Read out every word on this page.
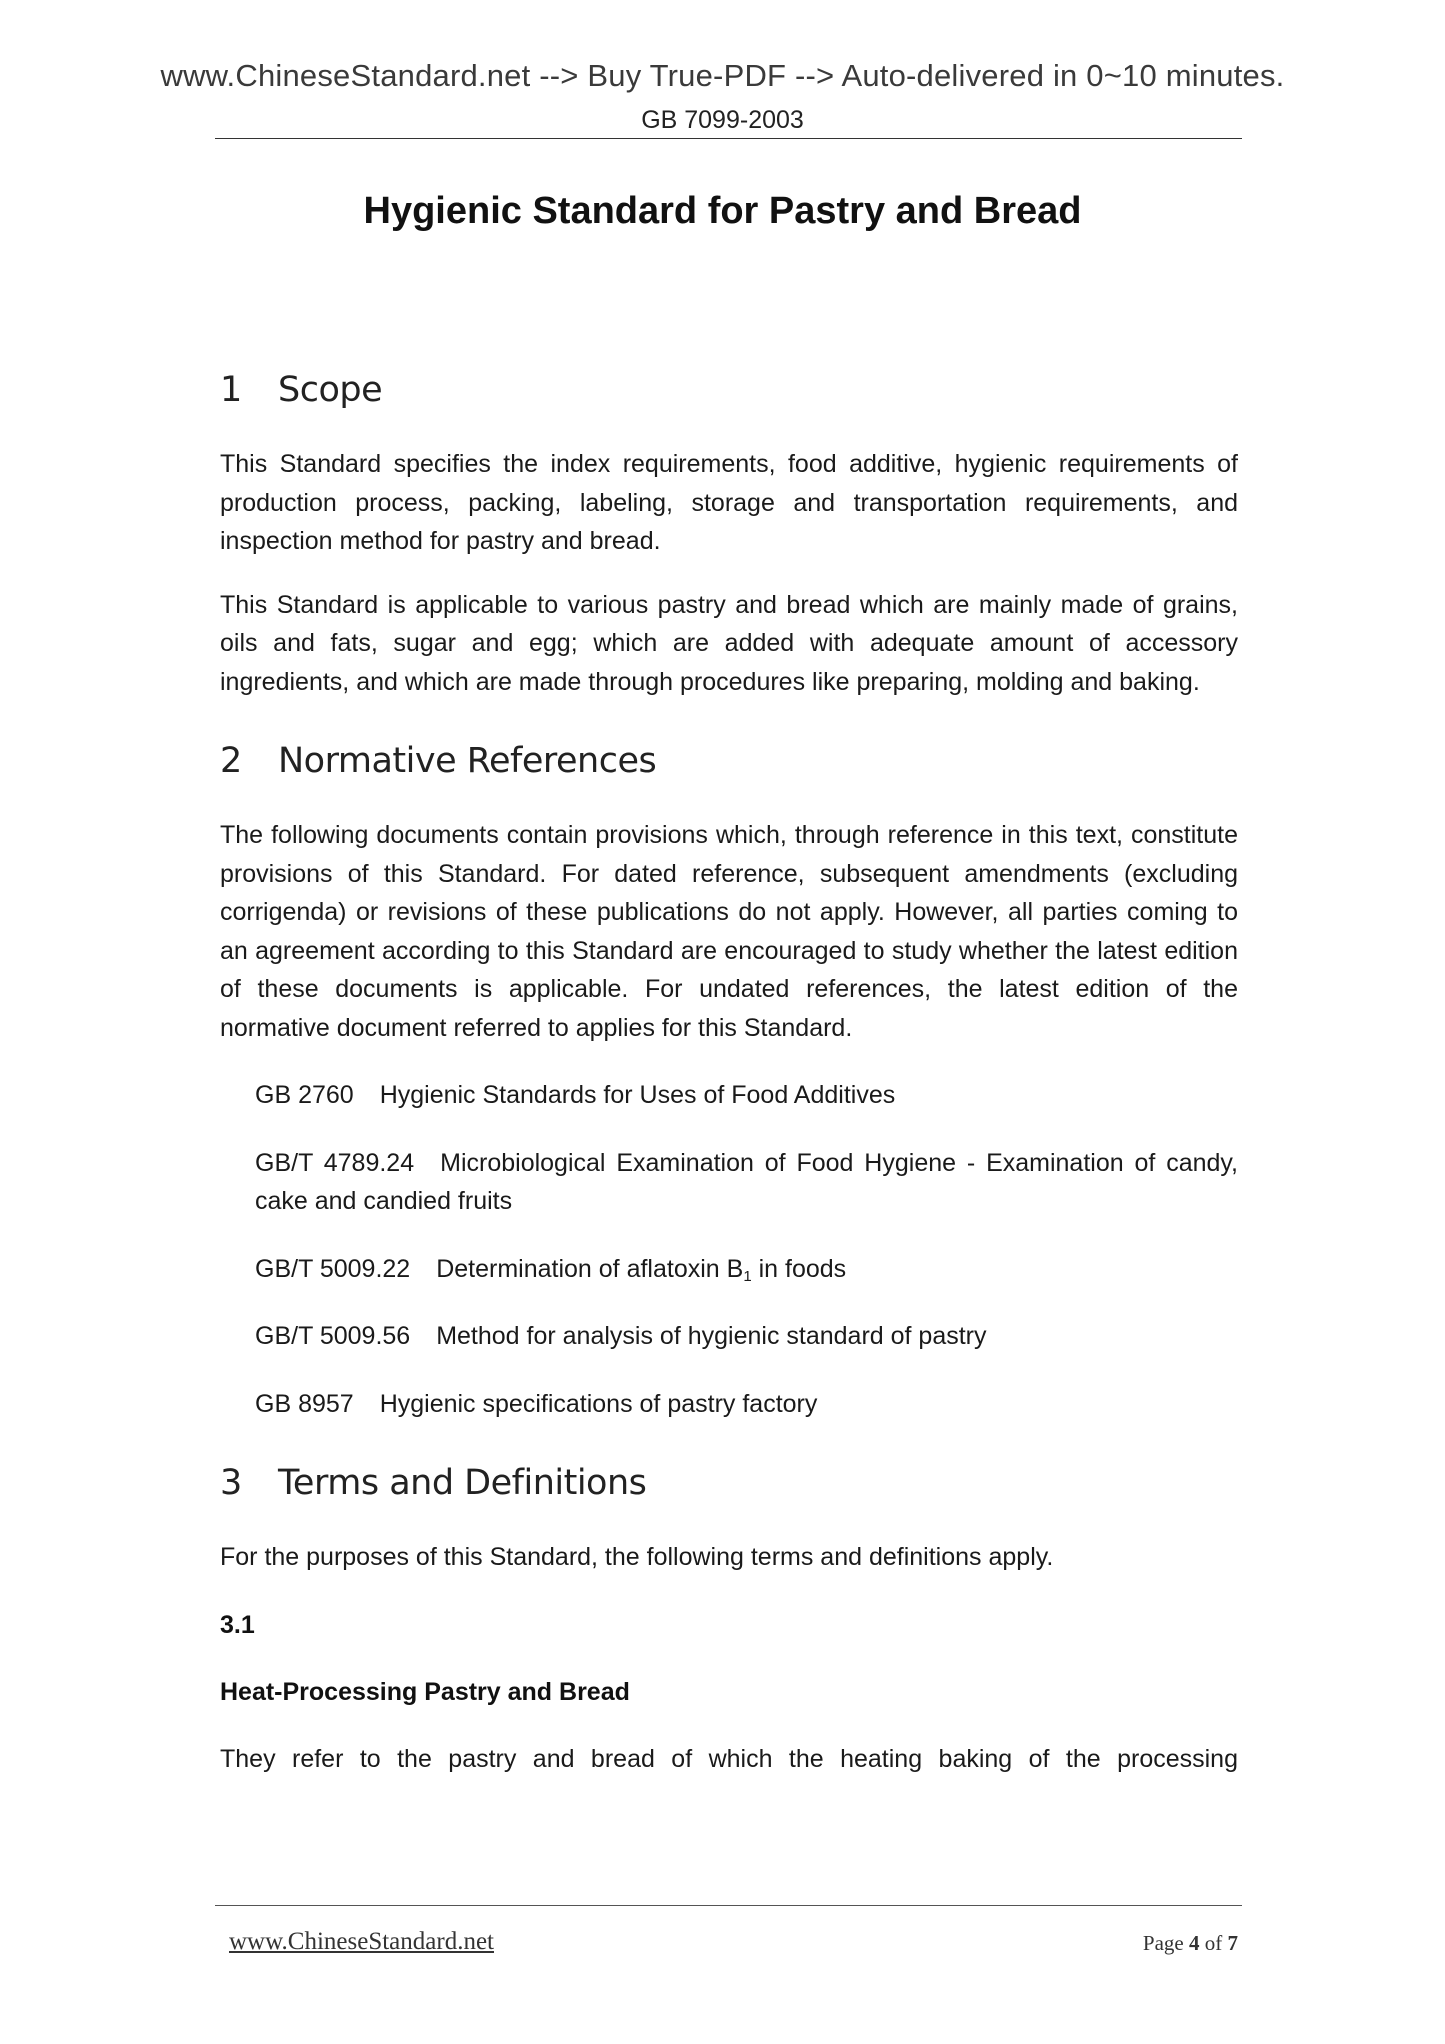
www.ChineseStandard.net --> Buy True-PDF --> Auto-delivered in 0~10 minutes.
GB 7099-2003
Hygienic Standard for Pastry and Bread
1 Scope

This Standard specifies the index requirements, food additive, hygienic requirements of production process, packing, labeling, storage and transportation requirements, and inspection method for pastry and bread.

This Standard is applicable to various pastry and bread which are mainly made of grains, oils and fats, sugar and egg; which are added with adequate amount of accessory ingredients, and which are made through procedures like preparing, molding and baking.

2 Normative References

The following documents contain provisions which, through reference in this text, constitute provisions of this Standard. For dated reference, subsequent amendments (excluding corrigenda) or revisions of these publications do not apply. However, all parties coming to an agreement according to this Standard are encouraged to study whether the latest edition of these documents is applicable. For undated references, the latest edition of the normative document referred to applies for this Standard.

GB 2760 Hygienic Standards for Uses of Food Additives

GB/T 4789.24 Microbiological Examination of Food Hygiene - Examination of candy, cake and candied fruits

GB/T 5009.22 Determination of aflatoxin $B_1$ in foods

GB/T 5009.56 Method for analysis of hygienic standard of pastry

GB 8957 Hygienic specifications of pastry factory

3 Terms and Definitions

For the purposes of this Standard, the following terms and definitions apply.

3.1

Heat-Processing Pastry and Bread

They refer to the pastry and bread of which the heating baking of the processing

www.ChineseStandard.net	Page 4 of 7
